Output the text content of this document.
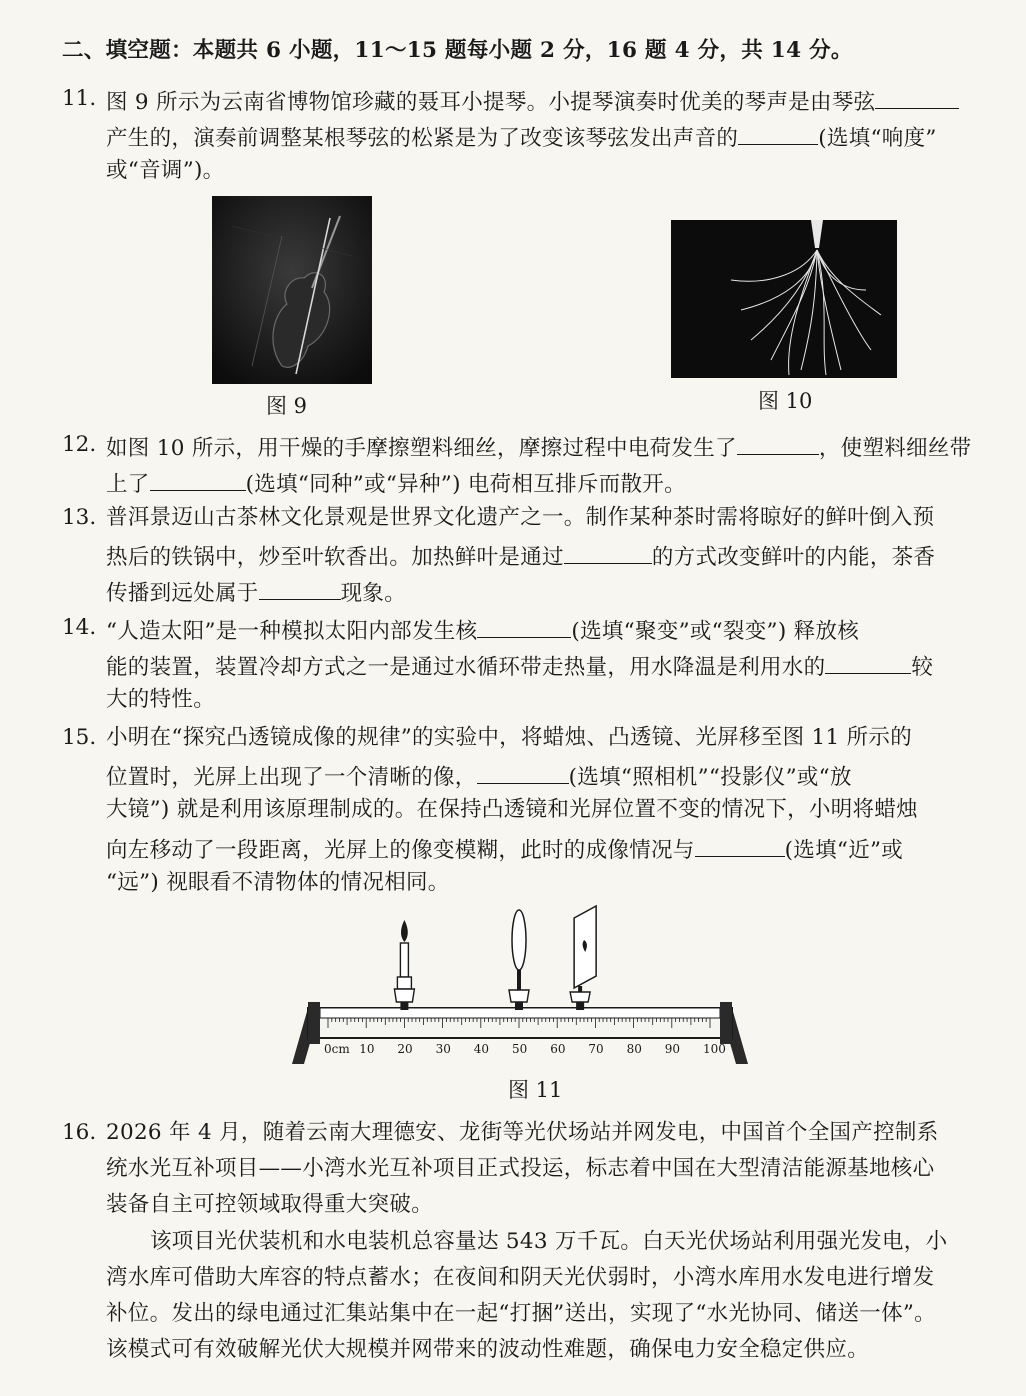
二、填空题：本题共 6 小题，11～15 题每小题 2 分，16 题 4 分，共 14 分。
11. 图 9 所示为云南省博物馆珍藏的聂耳小提琴。小提琴演奏时优美的琴声是由琴弦
产生的，演奏前调整某根琴弦的松紧是为了改变该琴弦发出声音的	(选填“响度”
或“音调”)。
图 9	图 10
12. 如图 10 所示，用干燥的手摩擦塑料细丝，摩擦过程中电荷发生了	，使塑料细丝带
上了	(选填“同种”或“异种”) 电荷相互排斥而散开。
13. 普洱景迈山古茶林文化景观是世界文化遗产之一。制作某种茶时需将晾好的鲜叶倒入预
热后的铁锅中，炒至叶软香出。加热鲜叶是通过	的方式改变鲜叶的内能，茶香
传播到远处属于	现象。
14. “人造太阳”是一种模拟太阳内部发生核	(选填“聚变”或“裂变”) 释放核
能的装置，装置冷却方式之一是通过水循环带走热量，用水降温是利用水的	较
大的特性。
15. 小明在“探究凸透镜成像的规律”的实验中，将蜡烛、凸透镜、光屏移至图 11 所示的
位置时，光屏上出现了一个清晰的像，	(选填“照相机”“投影仪”或“放
大镜”) 就是利用该原理制成的。在保持凸透镜和光屏位置不变的情况下，小明将蜡烛
向左移动了一段距离，光屏上的像变模糊，此时的成像情况与	(选填“近”或
“远”) 视眼看不清物体的情况相同。
0cm 10 20 30 40 50 60 70 80 90 100
图 11
16. 2026 年 4 月，随着云南大理德安、龙街等光伏场站并网发电，中国首个全国产控制系
统水光互补项目——小湾水光互补项目正式投运，标志着中国在大型清洁能源基地核心
装备自主可控领域取得重大突破。
该项目光伏装机和水电装机总容量达 543 万千瓦。白天光伏场站利用强光发电，小
湾水库可借助大库容的特点蓄水；在夜间和阴天光伏弱时，小湾水库用水发电进行增发
补位。发出的绿电通过汇集站集中在一起“打捆”送出，实现了“水光协同、储送一体”。
该模式可有效破解光伏大规模并网带来的波动性难题，确保电力安全稳定供应。
